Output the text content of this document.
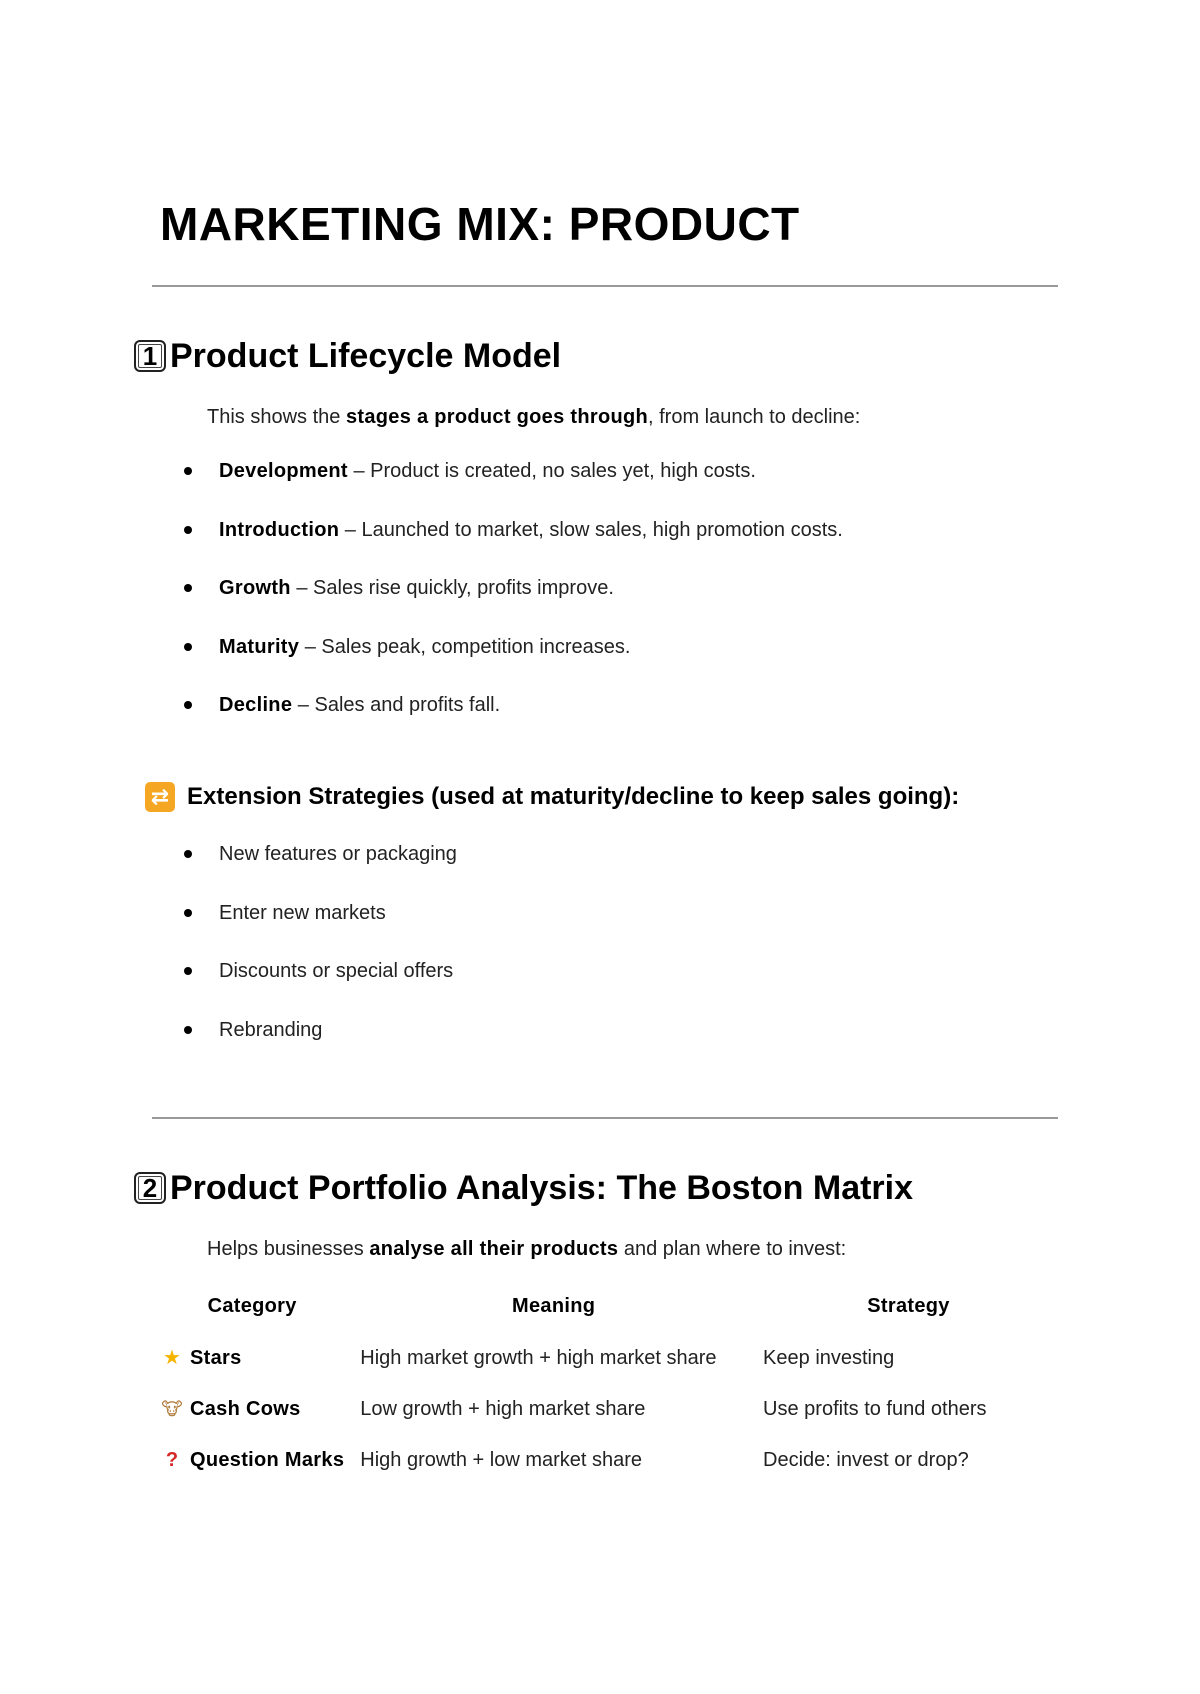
MARKETING MIX: PRODUCT
1 Product Lifecycle Model

This shows the stages a product goes through, from launch to decline:

Development – Product is created, no sales yet, high costs.
Introduction – Launched to market, slow sales, high promotion costs.
Growth – Sales rise quickly, profits improve.
Maturity – Sales peak, competition increases.
Decline – Sales and profits fall.
⇄ Extension Strategies (used at maturity/decline to keep sales going):
New features or packaging
Enter new markets
Discounts or special offers
Rebranding
2 Product Portfolio Analysis: The Boston Matrix

Helps businesses analyse all their products and plan where to invest:

Category	Meaning	Strategy
★ Stars	High market growth + high market share	Keep investing
🐮 Cash Cows	Low growth + high market share	Use profits to fund others
? Question Marks	High growth + low market share	Decide: invest or drop?
